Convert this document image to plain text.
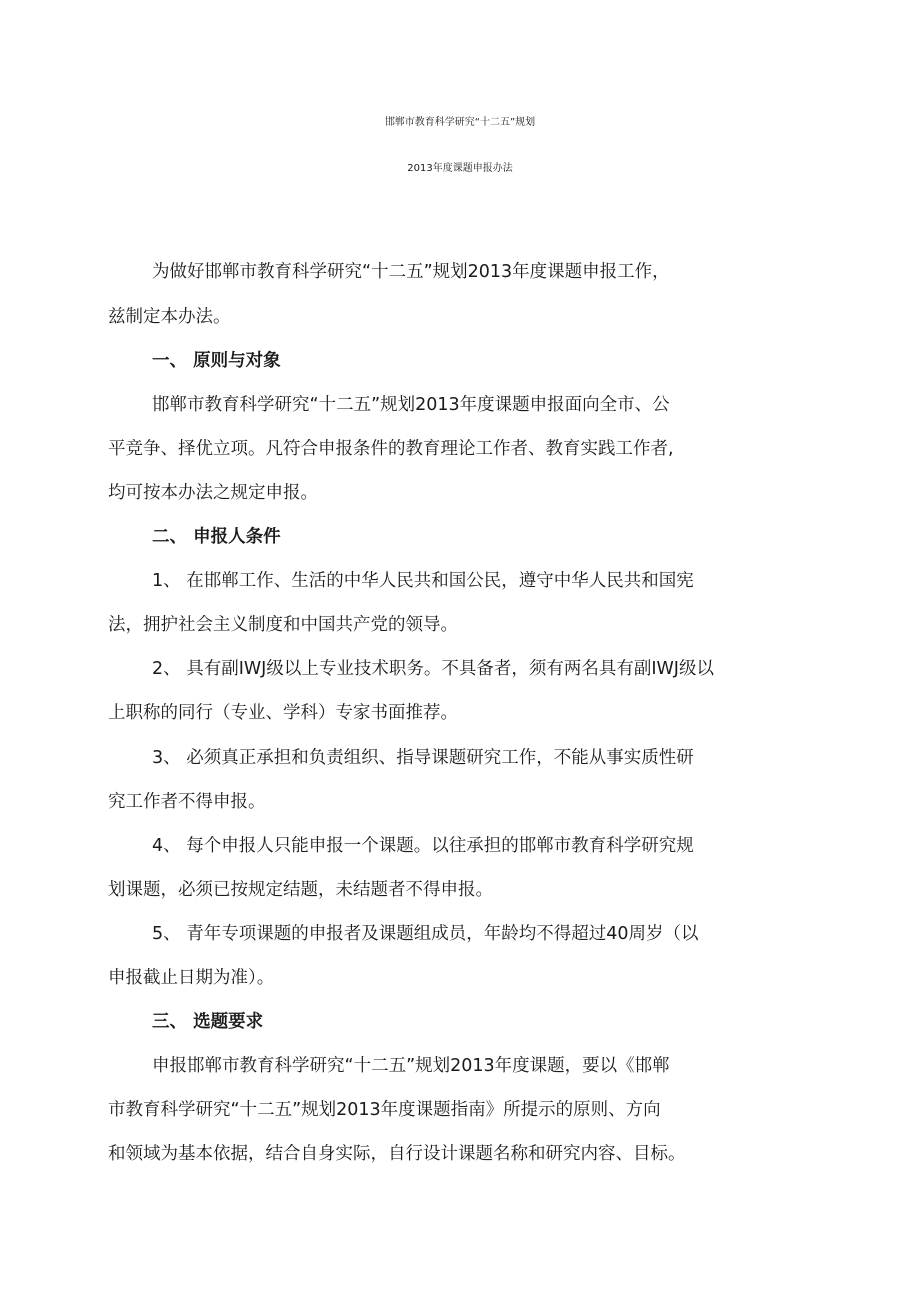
邯郸市教育科学研究“十二五”规划
2013年度课题申报办法

为做好邯郸市教育科学研究“十二五”规划2013年度课题申报工作，

兹制定本办法。

一、 原则与对象

邯郸市教育科学研究“十二五”规划2013年度课题申报面向全市、公

平竞争、择优立项。凡符合申报条件的教育理论工作者、教育实践工作者,

均可按本办法之规定申报。

二、 申报人条件

1、 在邯郸工作、生活的中华人民共和国公民，遵守中华人民共和国宪

法，拥护社会主义制度和中国共产党的领导。

2、 具有副IWJ级以上专业技术职务。不具备者，须有两名具有副IWJ级以

上职称的同行（专业、学科）专家书面推荐。

3、 必须真正承担和负责组织、指导课题研究工作，不能从事实质性研

究工作者不得申报。

4、 每个申报人只能申报一个课题。以往承担的邯郸市教育科学研究规

划课题，必须已按规定结题，未结题者不得申报。

5、 青年专项课题的申报者及课题组成员，年龄均不得超过40周岁（以

申报截止日期为准）。

三、 选题要求

申报邯郸市教育科学研究“十二五”规划2013年度课题，要以《邯郸

市教育科学研究“十二五”规划2013年度课题指南》所提示的原则、方向

和领域为基本依据，结合自身实际，自行设计课题名称和研究内容、目标。
